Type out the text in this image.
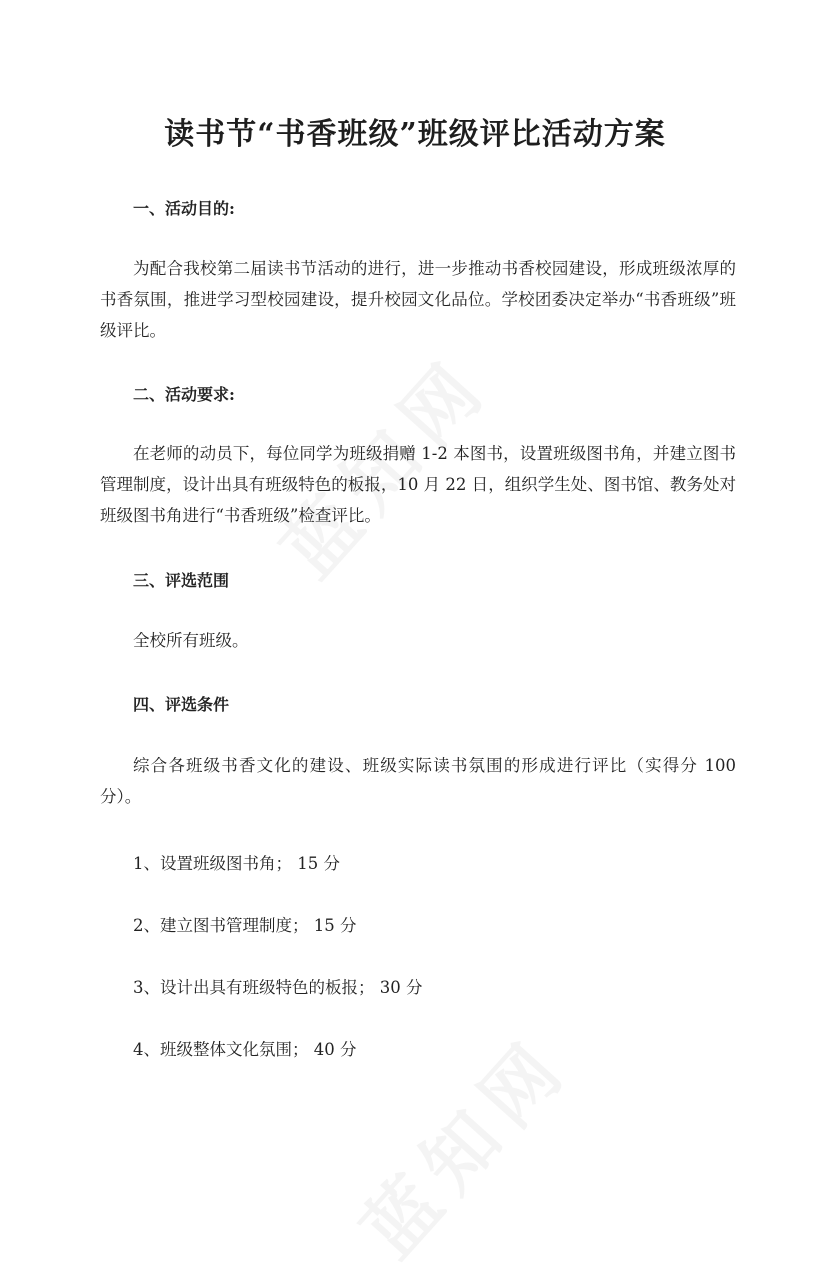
读书节“书香班级”班级评比活动方案
一、活动目的:

为配合我校第二届读书节活动的进行，进一步推动书香校园建设，形成班级浓厚的书香氛围，推进学习型校园建设，提升校园文化品位。学校团委决定举办“书香班级”班级评比。

二、活动要求:

在老师的动员下，每位同学为班级捐赠 1-2 本图书，设置班级图书角，并建立图书管理制度，设计出具有班级特色的板报，10 月 22 日，组织学生处、图书馆、教务处对班级图书角进行“书香班级”检查评比。

三、评选范围

全校所有班级。

四、评选条件

综合各班级书香文化的建设、班级实际读书氛围的形成进行评比（实得分 100 分）。

1、设置班级图书角； 15 分

2、建立图书管理制度； 15 分

3、设计出具有班级特色的板报； 30 分

4、班级整体文化氛围； 40 分
